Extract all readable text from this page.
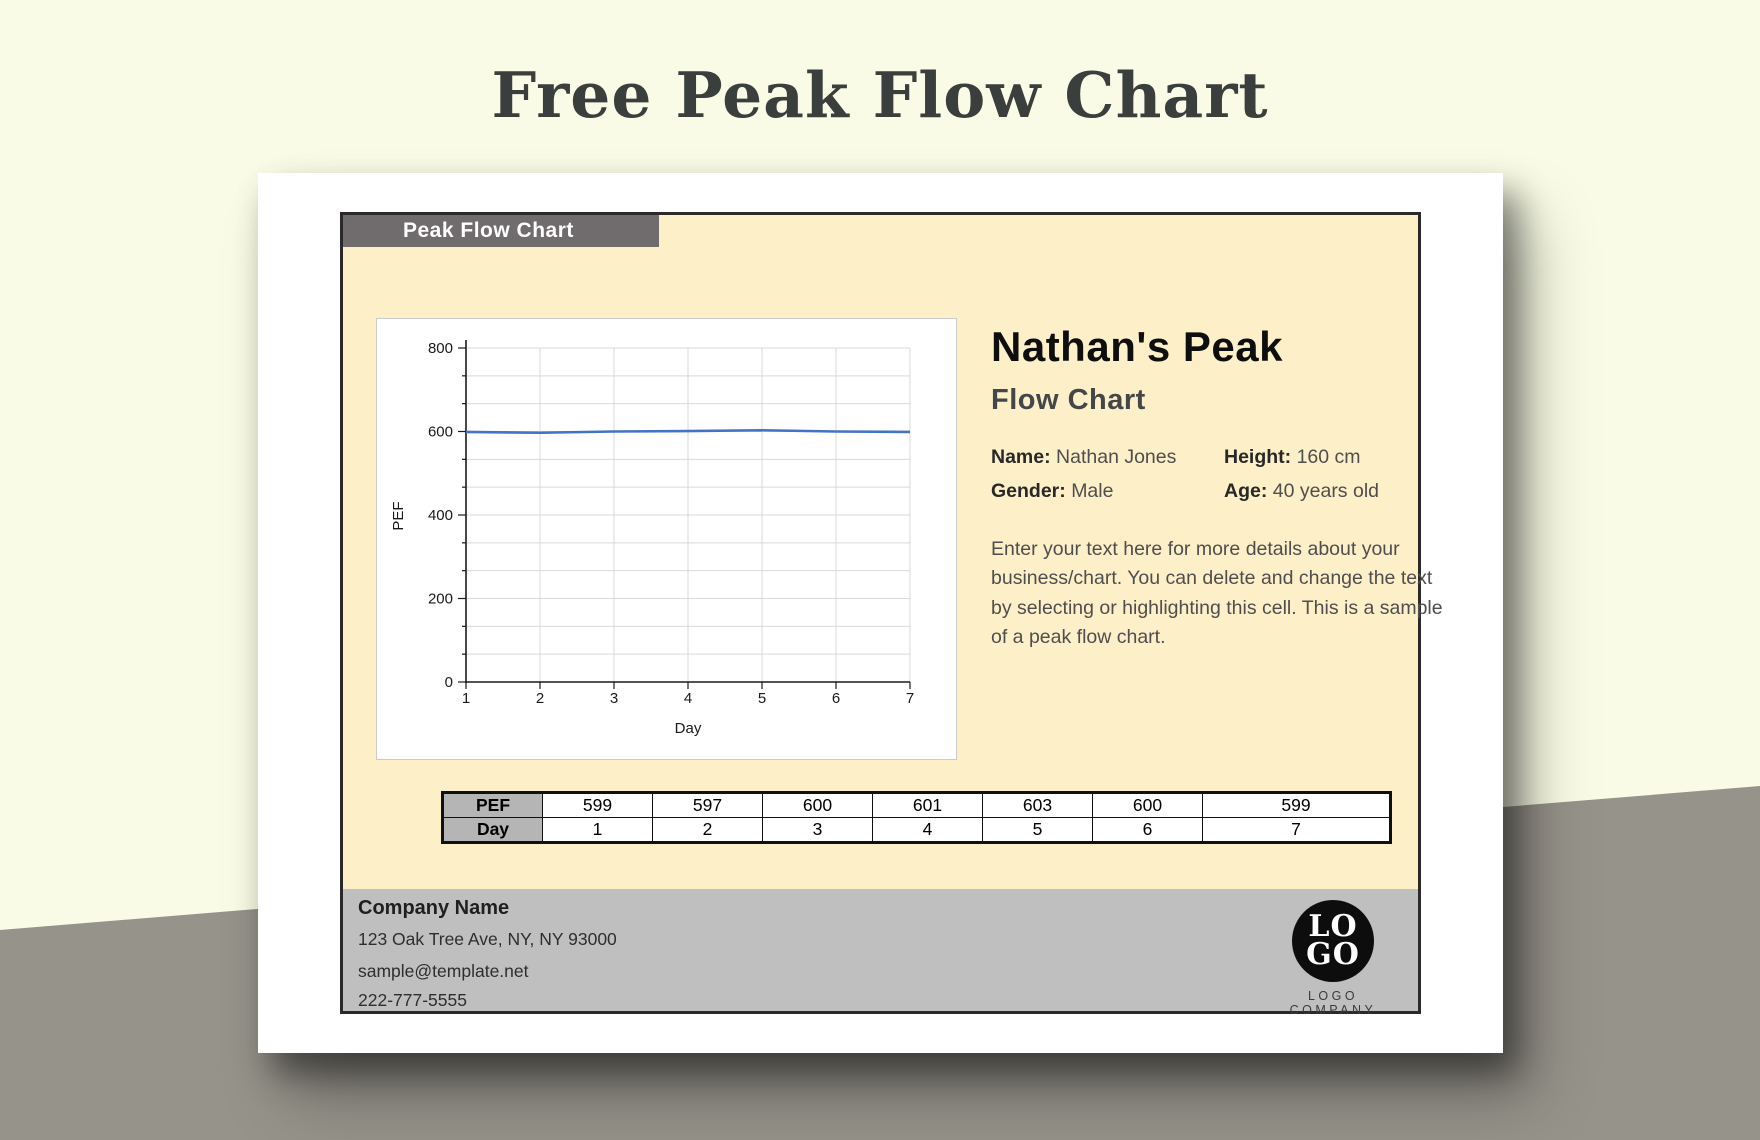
Free Peak Flow Chart
Peak Flow Chart
0
200
400
600
800
1	2	3	4	5	6	7
PEF
Day
Nathan's Peak
Flow Chart
Name: Nathan Jones	Height: 160 cm
Gender: Male	Age: 40 years old

Enter your text here for more details about your business/chart. You can delete and change the text by selecting or highlighting this cell. This is a sample of a peak flow chart.

PEF	599	597	600	601	603	600	599
Day	1	2	3	4	5	6	7

Company Name

123 Oak Tree Ave, NY, NY 93000

sample@template.net

222-777-5555

LO
GO
LOGO COMPANY
